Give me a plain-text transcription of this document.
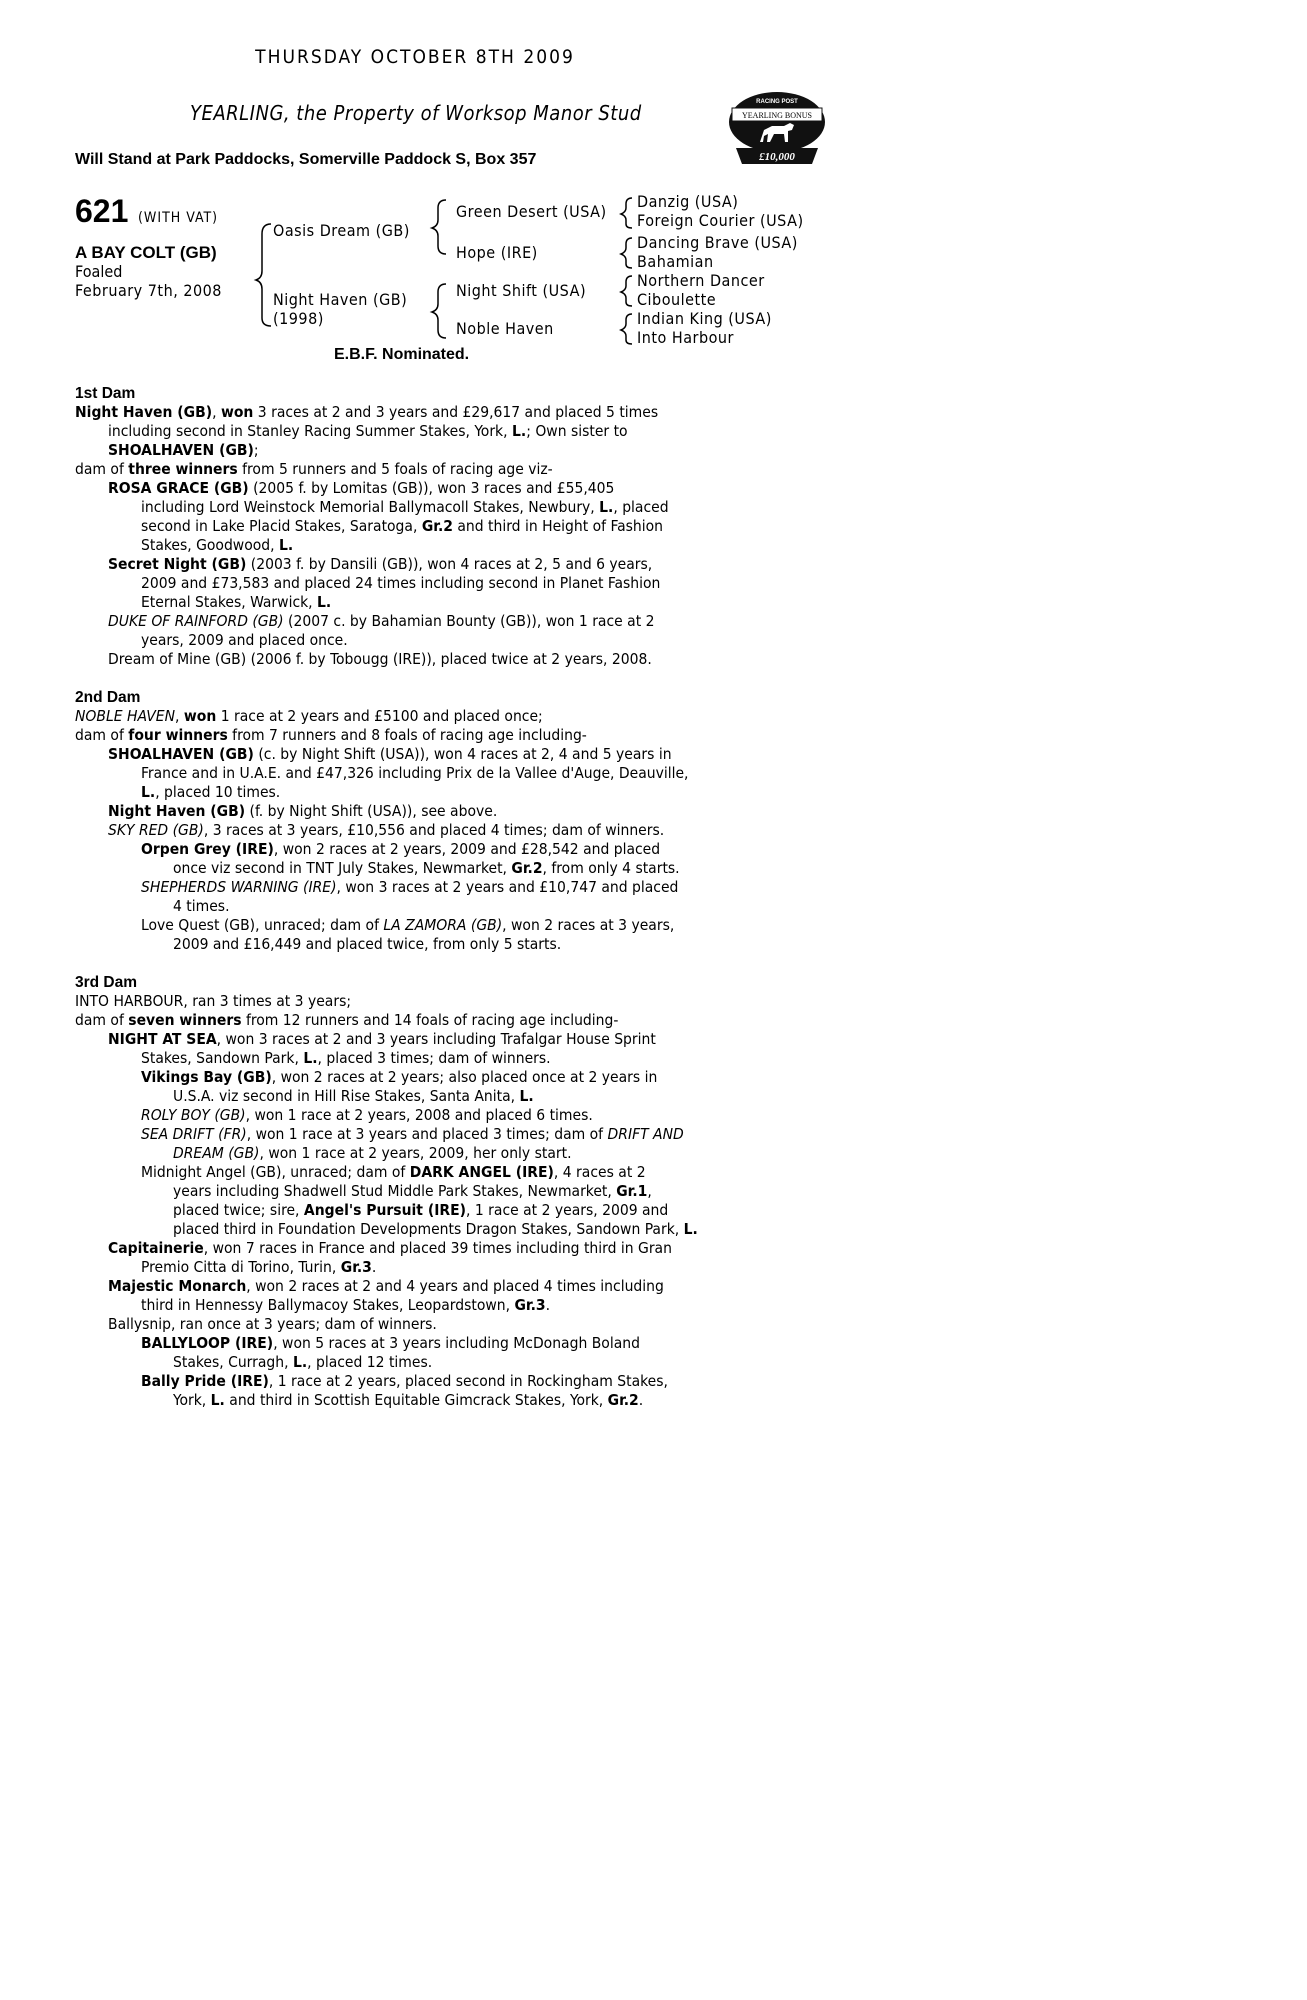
THURSDAY OCTOBER 8TH 2009
YEARLING, the Property of Worksop Manor Stud
Will Stand at Park Paddocks, Somerville Paddock S, Box 357
RACING POST
YEARLING BONUS
£10,000
621 (WITH VAT)
A BAY COLT (GB)
Foaled
February 7th, 2008
Oasis Dream (GB)
Night Haven (GB)
(1998)
Green Desert (USA)
Hope (IRE)
Night Shift (USA)
Noble Haven
Danzig (USA)
Foreign Courier (USA)
Dancing Brave (USA)
Bahamian
Northern Dancer
Ciboulette
Indian King (USA)
Into Harbour
E.B.F. Nominated.
1st Dam
Night Haven (GB), won 3 races at 2 and 3 years and £29,617 and placed 5 times
including second in Stanley Racing Summer Stakes, York, L.; Own sister to
SHOALHAVEN (GB);
dam of three winners from 5 runners and 5 foals of racing age viz-
ROSA GRACE (GB) (2005 f. by Lomitas (GB)), won 3 races and £55,405
including Lord Weinstock Memorial Ballymacoll Stakes, Newbury, L., placed
second in Lake Placid Stakes, Saratoga, Gr.2 and third in Height of Fashion
Stakes, Goodwood, L.
Secret Night (GB) (2003 f. by Dansili (GB)), won 4 races at 2, 5 and 6 years,
2009 and £73,583 and placed 24 times including second in Planet Fashion
Eternal Stakes, Warwick, L.
DUKE OF RAINFORD (GB) (2007 c. by Bahamian Bounty (GB)), won 1 race at 2
years, 2009 and placed once.
Dream of Mine (GB) (2006 f. by Tobougg (IRE)), placed twice at 2 years, 2008.
2nd Dam
NOBLE HAVEN, won 1 race at 2 years and £5100 and placed once;
dam of four winners from 7 runners and 8 foals of racing age including-
SHOALHAVEN (GB) (c. by Night Shift (USA)), won 4 races at 2, 4 and 5 years in
France and in U.A.E. and £47,326 including Prix de la Vallee d'Auge, Deauville,
L., placed 10 times.
Night Haven (GB) (f. by Night Shift (USA)), see above.
SKY RED (GB), 3 races at 3 years, £10,556 and placed 4 times; dam of winners.
Orpen Grey (IRE), won 2 races at 2 years, 2009 and £28,542 and placed
once viz second in TNT July Stakes, Newmarket, Gr.2, from only 4 starts.
SHEPHERDS WARNING (IRE), won 3 races at 2 years and £10,747 and placed
4 times.
Love Quest (GB), unraced; dam of LA ZAMORA (GB), won 2 races at 3 years,
2009 and £16,449 and placed twice, from only 5 starts.
3rd Dam
INTO HARBOUR, ran 3 times at 3 years;
dam of seven winners from 12 runners and 14 foals of racing age including-
NIGHT AT SEA, won 3 races at 2 and 3 years including Trafalgar House Sprint
Stakes, Sandown Park, L., placed 3 times; dam of winners.
Vikings Bay (GB), won 2 races at 2 years; also placed once at 2 years in
U.S.A. viz second in Hill Rise Stakes, Santa Anita, L.
ROLY BOY (GB), won 1 race at 2 years, 2008 and placed 6 times.
SEA DRIFT (FR), won 1 race at 3 years and placed 3 times; dam of DRIFT AND
DREAM (GB), won 1 race at 2 years, 2009, her only start.
Midnight Angel (GB), unraced; dam of DARK ANGEL (IRE), 4 races at 2
years including Shadwell Stud Middle Park Stakes, Newmarket, Gr.1,
placed twice; sire, Angel's Pursuit (IRE), 1 race at 2 years, 2009 and
placed third in Foundation Developments Dragon Stakes, Sandown Park, L.
Capitainerie, won 7 races in France and placed 39 times including third in Gran
Premio Citta di Torino, Turin, Gr.3.
Majestic Monarch, won 2 races at 2 and 4 years and placed 4 times including
third in Hennessy Ballymacoy Stakes, Leopardstown, Gr.3.
Ballysnip, ran once at 3 years; dam of winners.
BALLYLOOP (IRE), won 5 races at 3 years including McDonagh Boland
Stakes, Curragh, L., placed 12 times.
Bally Pride (IRE), 1 race at 2 years, placed second in Rockingham Stakes,
York, L. and third in Scottish Equitable Gimcrack Stakes, York, Gr.2.
